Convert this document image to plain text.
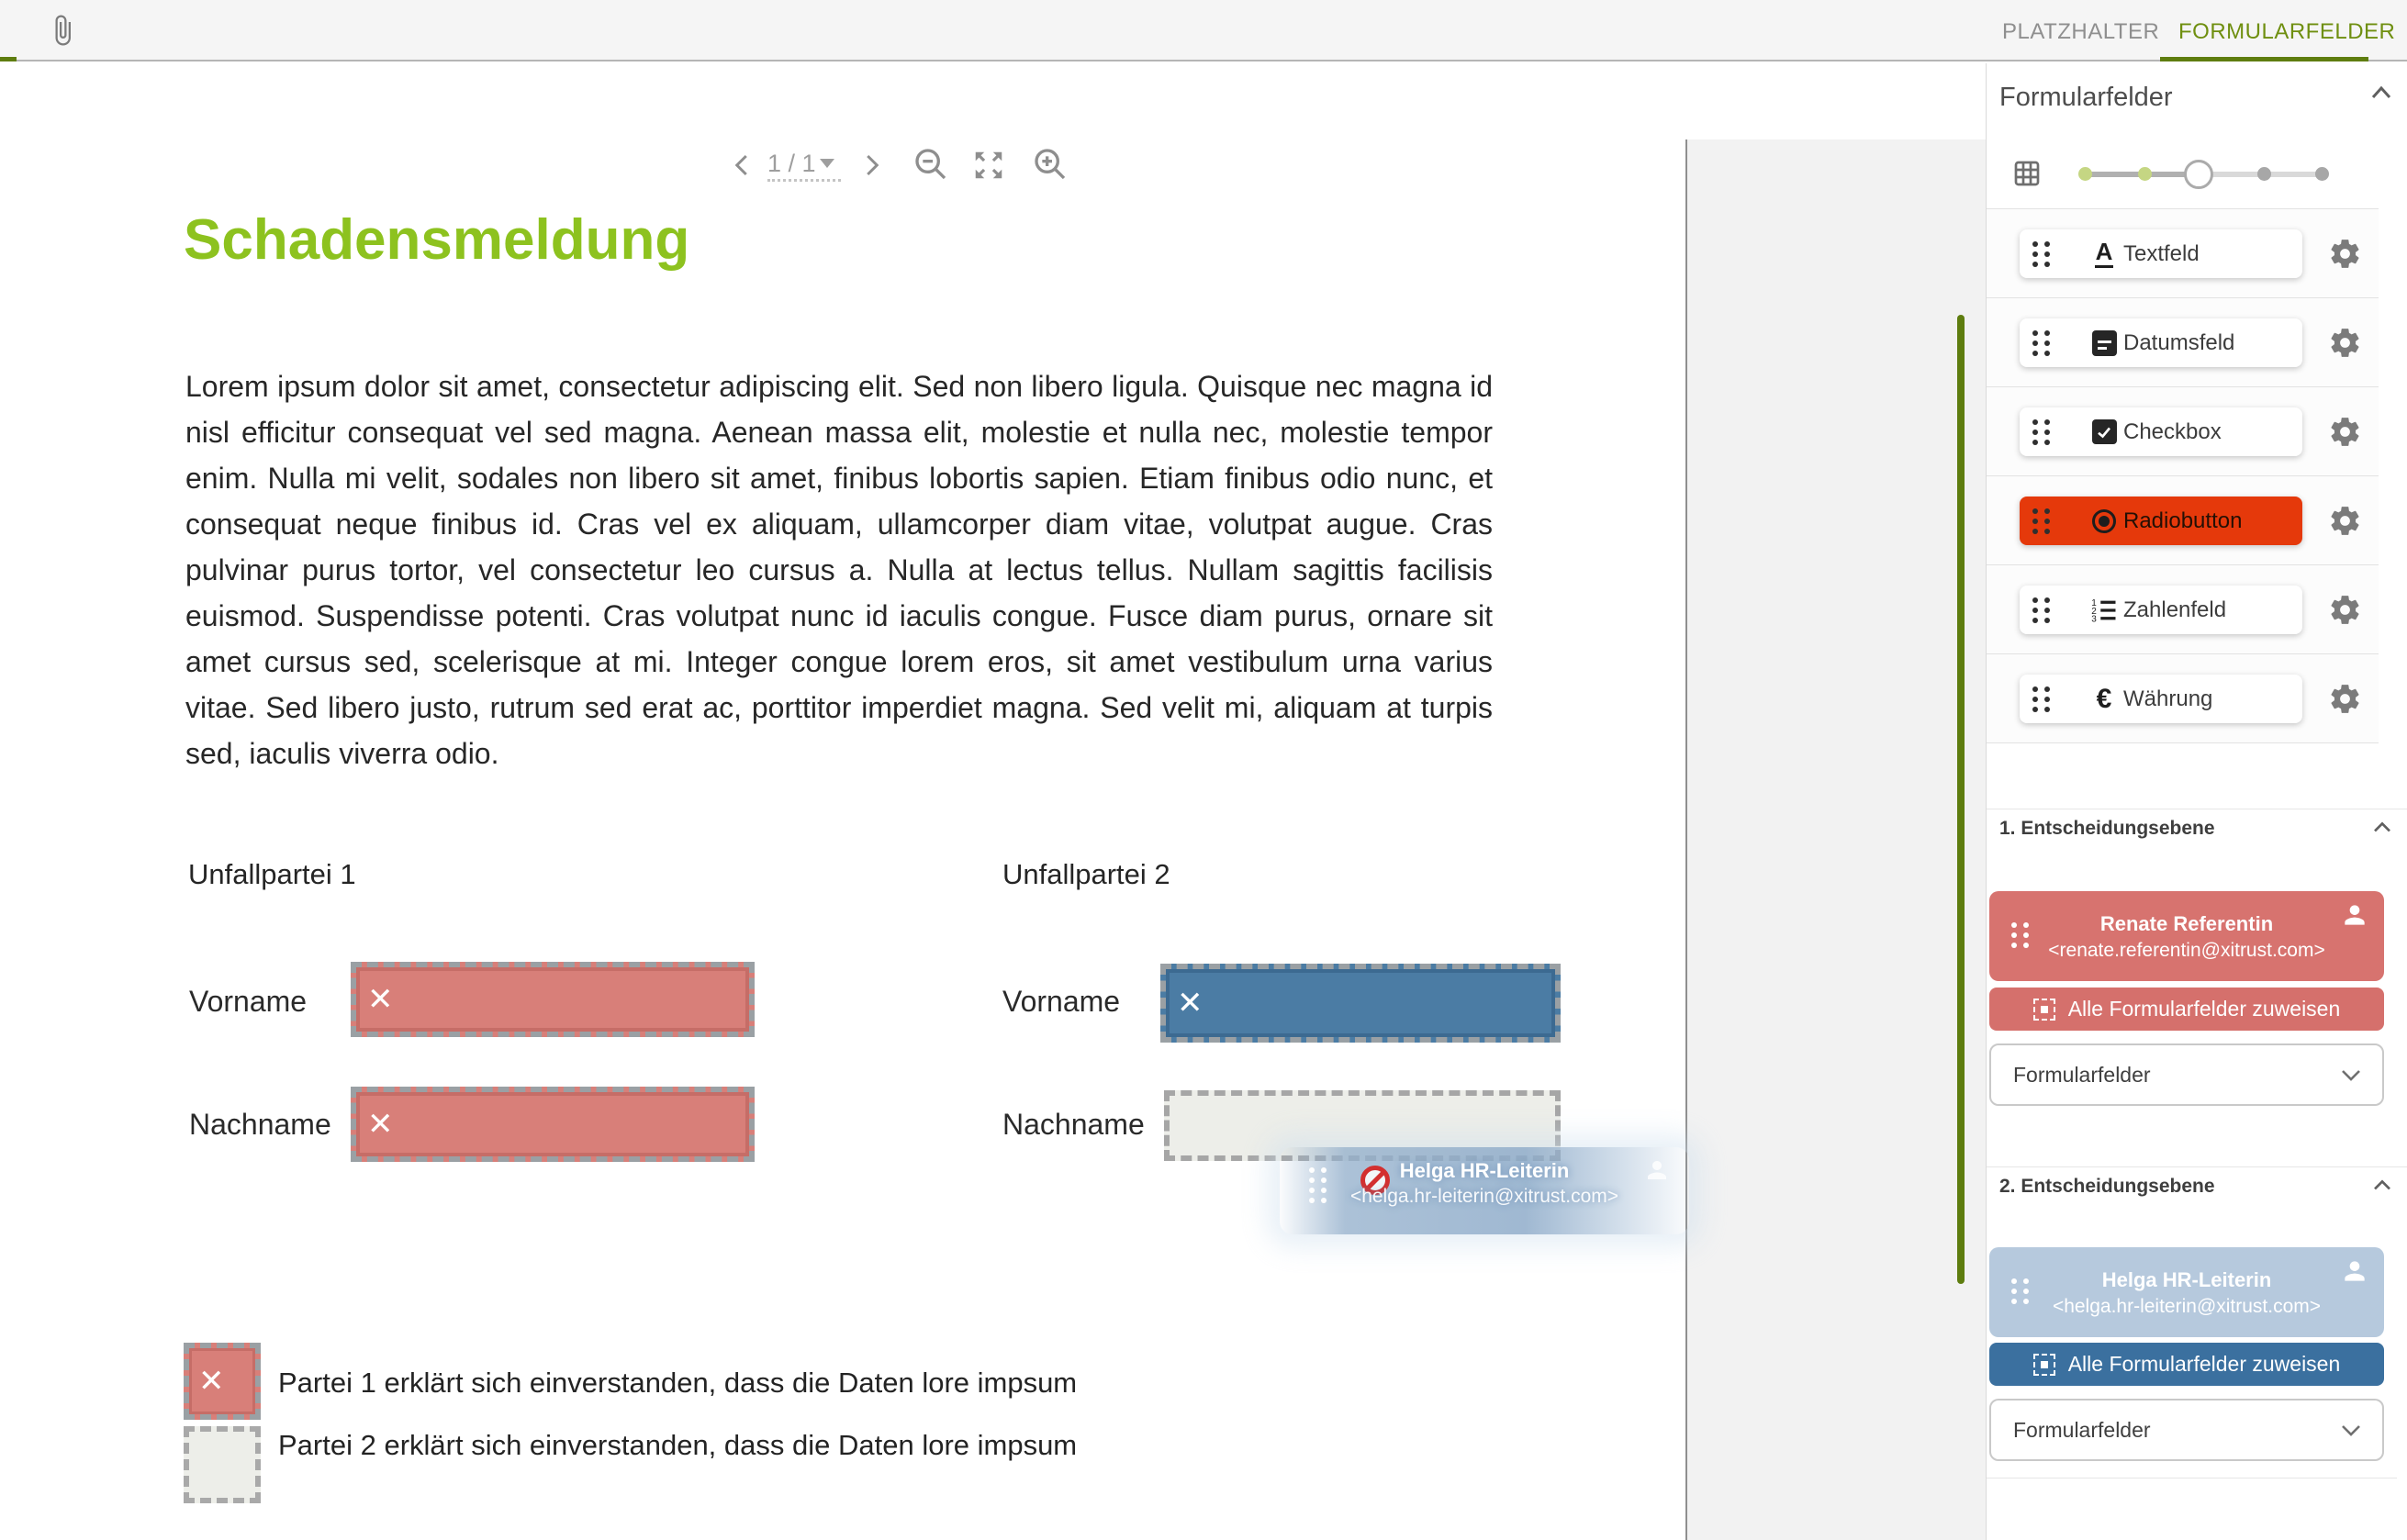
PLATZHALTER FORMULARFELDER
1 / 1
Schadensmeldung
Lorem ipsum dolor sit amet, consectetur adipiscing elit. Sed non libero ligula. Quisque nec magna id nisl efficitur consequat vel sed magna. Aenean massa elit, molestie et nulla nec, molestie tempor enim. Nulla mi velit, sodales non libero sit amet, finibus lobortis sapien. Etiam finibus odio nunc, et consequat neque finibus id. Cras vel ex aliquam, ullamcorper diam vitae, volutpat augue. Cras pulvinar purus tortor, vel consectetur leo cursus a. Nulla at lectus tellus. Nullam sagittis facilisis euismod. Suspendisse potenti. Cras volutpat nunc id iaculis congue. Fusce diam purus, ornare sit amet cursus sed, scelerisque at mi. Integer congue lorem eros, sit amet vestibulum urna varius vitae. Sed libero justo, rutrum sed erat ac, porttitor imperdiet magna. Sed velit mi, aliquam at turpis sed, iaculis viverra odio.
Unfallpartei 1	Unfallpartei 2
Vorname ✕
Nachname ✕
Vorname ✕
Nachname
✕ Partei 1 erklärt sich einverstanden, dass die Daten lore impsum
Partei 2 erklärt sich einverstanden, dass die Daten lore impsum
Helga HR-Leiterin
<helga.hr-leiterin@xitrust.com>
Formularfelder
A Textfeld
Datumsfeld
Checkbox
Radiobutton
1
2
3 Zahlenfeld
€ Währung
1. Entscheidungsebene
Renate Referentin
<renate.referentin@xitrust.com>
Alle Formularfelder zuweisen
Formularfelder
2. Entscheidungsebene
Helga HR-Leiterin
<helga.hr-leiterin@xitrust.com>
Alle Formularfelder zuweisen
Formularfelder
